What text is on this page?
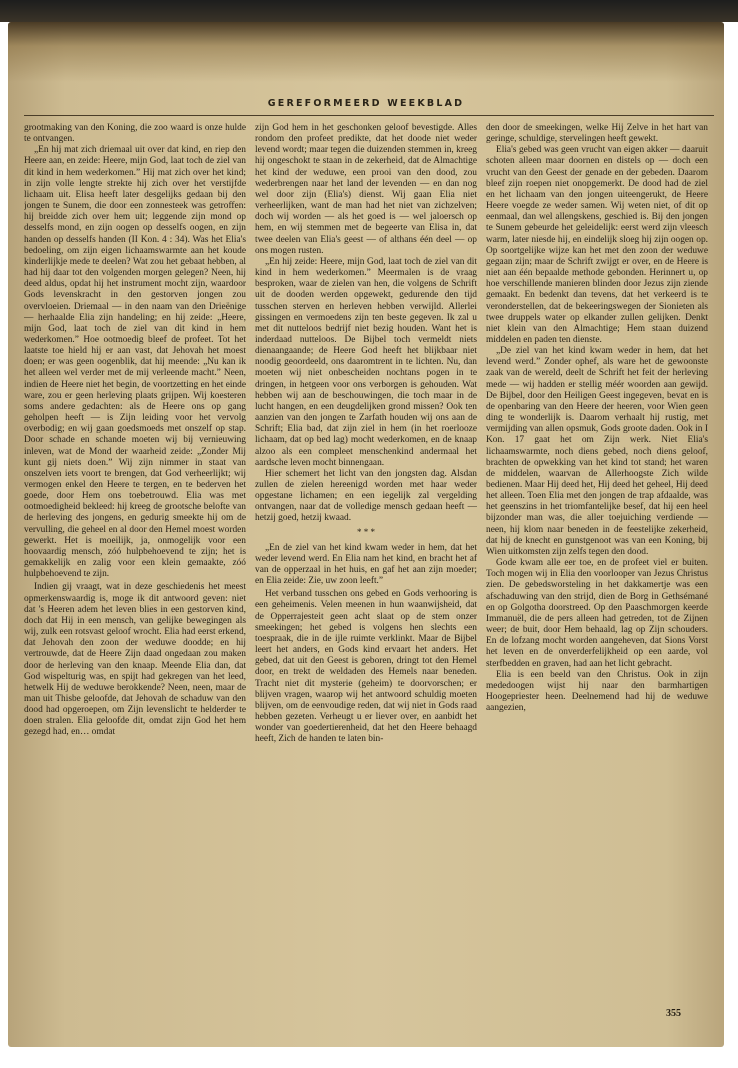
GEREFORMEERD WEEKBLAD

grootmaking van den Koning, die zoo waard is onze hulde te ontvangen.

„En hij mat zich driemaal uit over dat kind, en riep den Heere aan, en zeide: Heere, mijn God, laat toch de ziel van dit kind in hem wederkomen.” Hij mat zich over het kind; in zijn volle lengte strekte hij zich over het verstijfde lichaam uit. Elisa heeft later desgelijks gedaan bij den jongen te Sunem, die door een zonnesteek was getroffen: hij breidde zich over hem uit; leggende zijn mond op desselfs mond, en zijn oogen op desselfs oogen, en zijn handen op desselfs handen (II Kon. 4 : 34). Was het Elia's bedoeling, om zijn eigen lichaamswarmte aan het koude kinderlijkje mede te deelen? Wat zou het gebaat hebben, al had hij daar tot den volgenden morgen gelegen? Neen, hij deed aldus, opdat hij het instrument mocht zijn, waardoor Gods levenskracht in den gestorven jongen zou overvloeien. Driemaal — in den naam van den Drieënige — herhaalde Elia zijn handeling; en hij zeide: „Heere, mijn God, laat toch de ziel van dit kind in hem wederkomen.” Hoe ootmoedig bleef de profeet. Tot het laatste toe hield hij er aan vast, dat Jehovah het moest doen; er was geen oogenblik, dat hij meende: „Nu kan ik het alleen wel verder met de mij verleende macht.” Neen, indien de Heere niet het begin, de voortzetting en het einde ware, zou er geen herleving plaats grijpen. Wij koesteren soms andere gedachten: als de Heere ons op gang geholpen heeft — is Zijn leiding voor het vervolg overbodig; en wij gaan goedsmoeds met onszelf op stap. Door schade en schande moeten wij bij vernieuwing inleven, wat de Mond der waarheid zeide: „Zonder Mij kunt gij niets doen.” Wij zijn nimmer in staat van onszelven iets voort te brengen, dat God verheerlijkt; wij vermogen enkel den Heere te tergen, en te bederven het goede, door Hem ons toebetrouwd. Elia was met ootmoedigheid bekleed: hij kreeg de grootsche belofte van de herleving des jongens, en gedurig smeekte hij om de vervulling, die geheel en al door den Hemel moest worden gewerkt. Het is moeilijk, ja, onmogelijk voor een hoovaardig mensch, zóó hulpbehoevend te zijn; het is gemakkelijk en zalig voor een klein gemaakte, zóó hulpbehoevend te zijn.

Indien gij vraagt, wat in deze geschiedenis het meest opmerkenswaardig is, moge ik dit antwoord geven: niet dat 's Heeren adem het leven blies in een gestorven kind, doch dat Hij in een mensch, van gelijke bewegingen als wij, zulk een rotsvast geloof wrocht. Elia had eerst erkend, dat Jehovah den zoon der weduwe doodde; en hij vertrouwde, dat de Heere Zijn daad ongedaan zou maken door de herleving van den knaap. Meende Elia dan, dat God wispelturig was, en spijt had gekregen van het leed, hetwelk Hij de weduwe berokkende? Neen, neen, maar de man uit Thisbe geloofde, dat Jehovah de schaduw van den dood had opgeroepen, om Zijn levenslicht te helderder te doen stralen. Elia geloofde dit, omdat zijn God het hem gezegd had, en… omdat

zijn God hem in het geschonken geloof bevestigde. Alles rondom den profeet predikte, dat het doode niet weder levend wordt; maar tegen die duizenden stemmen in, kreeg hij ongeschokt te staan in de zekerheid, dat de Almachtige het kind der weduwe, een prooi van den dood, zou wederbrengen naar het land der levenden — en dan nog wel door zijn (Elia's) dienst. Wij gaan Elia niet verheerlijken, want de man had het niet van zichzelven; doch wij worden — als het goed is — wel jaloersch op hem, en wij stemmen met de begeerte van Elisa in, dat twee deelen van Elia's geest — of althans één deel — op ons mogen rusten.

„En hij zeide: Heere, mijn God, laat toch de ziel van dit kind in hem wederkomen.” Meermalen is de vraag besproken, waar de zielen van hen, die volgens de Schrift uit de dooden werden opgewekt, gedurende den tijd tusschen sterven en herleven hebben verwijld. Allerlei gissingen en vermoedens zijn ten beste gegeven. Ik zal u met dit nutteloos bedrijf niet bezig houden. Want het is inderdaad nutteloos. De Bijbel toch vermeldt niets dienaangaande; de Heere God heeft het blijkbaar niet noodig geoordeeld, ons daaromtrent in te lichten. Nu, dan moeten wij niet onbescheiden nochtans pogen in te dringen, in hetgeen voor ons verborgen is gehouden. Wat hebben wij aan de beschouwingen, die toch maar in de lucht hangen, en een deugdelijken grond missen? Ook ten aanzien van den jongen te Zarfath houden wij ons aan de Schrift; Elia bad, dat zijn ziel in hem (in het roerlooze lichaam, dat op bed lag) mocht wederkomen, en de knaap alzoo als een compleet menschenkind andermaal het aardsche leven mocht binnengaan.

Hier schemert het licht van den jongsten dag. Alsdan zullen de zielen hereenigd worden met haar weder opgestane lichamen; en een iegelijk zal vergelding ontvangen, naar dat de volledige mensch gedaan heeft — hetzij goed, hetzij kwaad.

* * *

„En de ziel van het kind kwam weder in hem, dat het weder levend werd. En Elia nam het kind, en bracht het af van de opperzaal in het huis, en gaf het aan zijn moeder; en Elia zeide: Zie, uw zoon leeft.”

Het verband tusschen ons gebed en Gods verhooring is een geheimenis. Velen meenen in hun waanwijsheid, dat de Opperrajesteit geen acht slaat op de stem onzer smeekingen; het gebed is volgens hen slechts een toespraak, die in de ijle ruimte verklinkt. Maar de Bijbel leert het anders, en Gods kind ervaart het anders. Het gebed, dat uit den Geest is geboren, dringt tot den Hemel door, en trekt de weldaden des Hemels naar beneden. Tracht niet dit mysterie (geheim) te doorvorschen; er blijven vragen, waarop wij het antwoord schuldig moeten blijven, om de eenvoudige reden, dat wij niet in Gods raad hebben gezeten. Verheugt u er liever over, en aanbidt het wonder van goedertierenheid, dat het den Heere behaagd heeft, Zich de handen te laten bin-

den door de smeekingen, welke Hij Zelve in het hart van geringe, schuldige, stervelingen heeft gewekt.

Elia's gebed was geen vrucht van eigen akker — daaruit schoten alleen maar doornen en distels op — doch een vrucht van den Geest der genade en der gebeden. Daarom bleef zijn roepen niet onopgemerkt. De dood had de ziel en het lichaam van den jongen uiteengerukt, de Heere Heere voegde ze weder samen. Wij weten niet, of dit op eenmaal, dan wel allengskens, geschied is. Bij den jongen te Sunem gebeurde het geleidelijk: eerst werd zijn vleesch warm, later niesde hij, en eindelijk sloeg hij zijn oogen op. Op soortgelijke wijze kan het met den zoon der weduwe gegaan zijn; maar de Schrift zwijgt er over, en de Heere is niet aan één bepaalde methode gebonden. Herinnert u, op hoe verschillende manieren blinden door Jezus zijn ziende gemaakt. En bedenkt dan tevens, dat het verkeerd is te veronderstellen, dat de bekeeringswegen der Sionieten als twee druppels water op elkander zullen gelijken. Denkt niet klein van den Almachtige; Hem staan duizend middelen en paden ten dienste.

„De ziel van het kind kwam weder in hem, dat het levend werd.” Zonder ophef, als ware het de gewoonste zaak van de wereld, deelt de Schrift het feit der herleving mede — wij hadden er stellig méér woorden aan gewijd. De Bijbel, door den Heiligen Geest ingegeven, bevat en is de openbaring van den Heere der heeren, voor Wien geen ding te wonderlijk is. Daarom verhaalt hij rustig, met vermijding van allen opsmuk, Gods groote daden. Ook in I Kon. 17 gaat het om Zijn werk. Niet Elia's lichaamswarmte, noch diens gebed, noch diens geloof, brachten de opwekking van het kind tot stand; het waren de middelen, waarvan de Allerhoogste Zich wilde bedienen. Maar Hij deed het, Hij deed het geheel, Hij deed het alleen. Toen Elia met den jongen de trap afdaalde, was het geenszins in het triomfantelijke besef, dat hij een heel bijzonder man was, die aller toejuiching verdiende — neen, hij klom naar beneden in de feestelijke zekerheid, dat hij de knecht en gunstgenoot was van een Koning, bij Wien uitkomsten zijn zelfs tegen den dood.

Gode kwam alle eer toe, en de profeet viel er buiten. Toch mogen wij in Elia den voorlooper van Jezus Christus zien. De gebedsworsteling in het dakkamertje was een afschaduwing van den strijd, dien de Borg in Gethsémané en op Golgotha doorstreed. Op den Paaschmorgen keerde Immanuël, die de pers alleen had getreden, tot de Zijnen weer; de buit, door Hem behaald, lag op Zijn schouders. En de lofzang mocht worden aangeheven, dat Sions Vorst het leven en de onverderfelijkheid op een aarde, vol sterfbedden en graven, had aan het licht gebracht.

Elia is een beeld van den Christus. Ook in zijn mededoogen wijst hij naar den barmhartigen Hoogepriester heen. Deelnemend had hij de weduwe aangezien,

355
